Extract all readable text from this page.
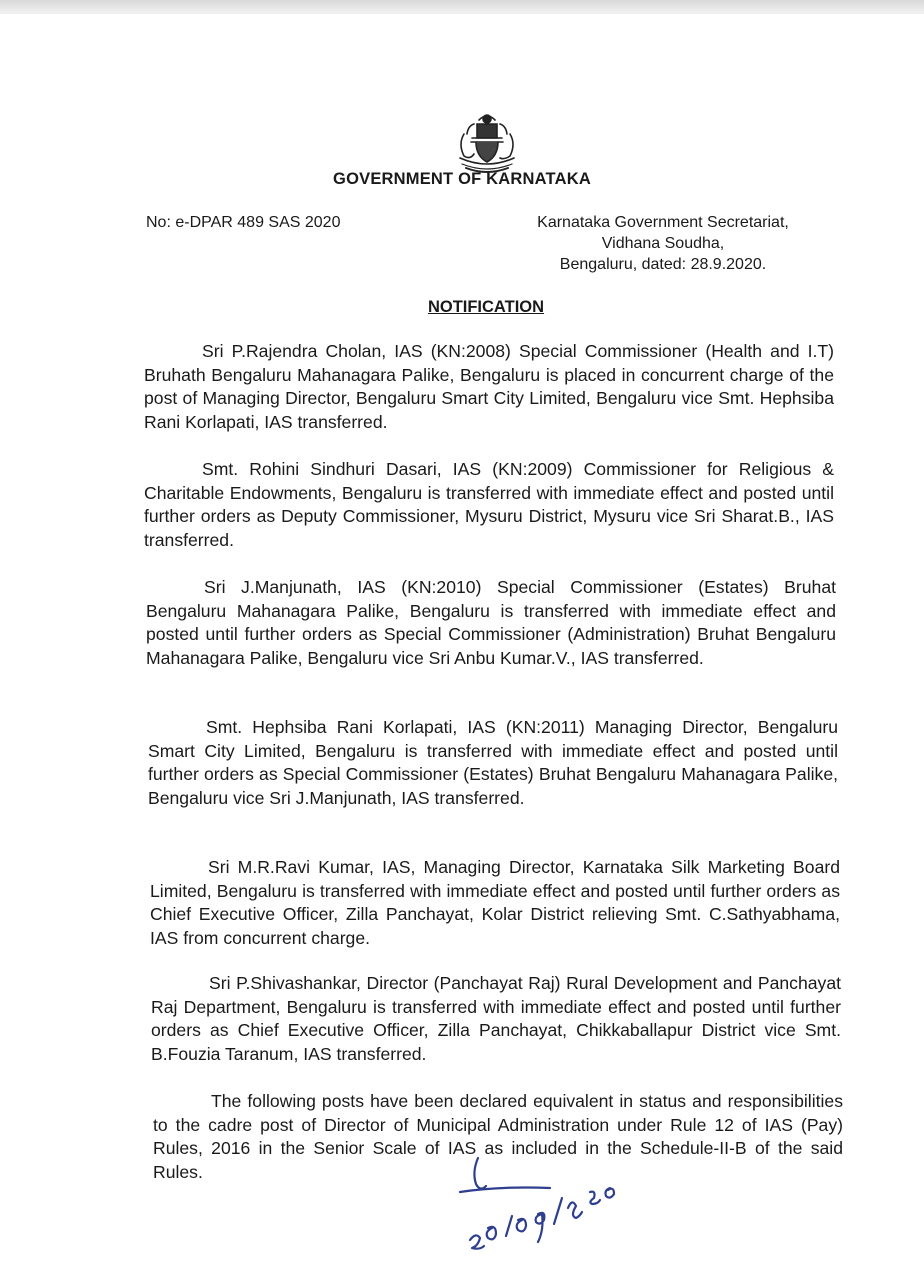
GOVERNMENT OF KARNATAKA
No: e-DPAR 489 SAS 2020	Karnataka Government Secretariat,
Vidhana Soudha,
Bengaluru, dated: 28.9.2020.
NOTIFICATION
Sri P.Rajendra Cholan, IAS (KN:2008) Special Commissioner (Health and I.T) Bruhath Bengaluru Mahanagara Palike, Bengaluru is placed in concurrent charge of the post of Managing Director, Bengaluru Smart City Limited, Bengaluru vice Smt. Hephsiba Rani Korlapati, IAS transferred.
Smt. Rohini Sindhuri Dasari, IAS (KN:2009) Commissioner for Religious & Charitable Endowments, Bengaluru is transferred with immediate effect and posted until further orders as Deputy Commissioner, Mysuru District, Mysuru vice Sri Sharat.B., IAS transferred.
Sri J.Manjunath, IAS (KN:2010) Special Commissioner (Estates) Bruhat Bengaluru Mahanagara Palike, Bengaluru is transferred with immediate effect and posted until further orders as Special Commissioner (Administration) Bruhat Bengaluru Mahanagara Palike, Bengaluru vice Sri Anbu Kumar.V., IAS transferred.
Smt. Hephsiba Rani Korlapati, IAS (KN:2011) Managing Director, Bengaluru Smart City Limited, Bengaluru is transferred with immediate effect and posted until further orders as Special Commissioner (Estates) Bruhat Bengaluru Mahanagara Palike, Bengaluru vice Sri J.Manjunath, IAS transferred.
Sri M.R.Ravi Kumar, IAS, Managing Director, Karnataka Silk Marketing Board Limited, Bengaluru is transferred with immediate effect and posted until further orders as Chief Executive Officer, Zilla Panchayat, Kolar District relieving Smt. C.Sathyabhama, IAS from concurrent charge.
Sri P.Shivashankar, Director (Panchayat Raj) Rural Development and Panchayat Raj Department, Bengaluru is transferred with immediate effect and posted until further orders as Chief Executive Officer, Zilla Panchayat, Chikkaballapur District vice Smt. B.Fouzia Taranum, IAS transferred.
The following posts have been declared equivalent in status and responsibilities to the cadre post of Director of Municipal Administration under Rule 12 of IAS (Pay) Rules, 2016 in the Senior Scale of IAS as included in the Schedule-II-B of the said Rules.
